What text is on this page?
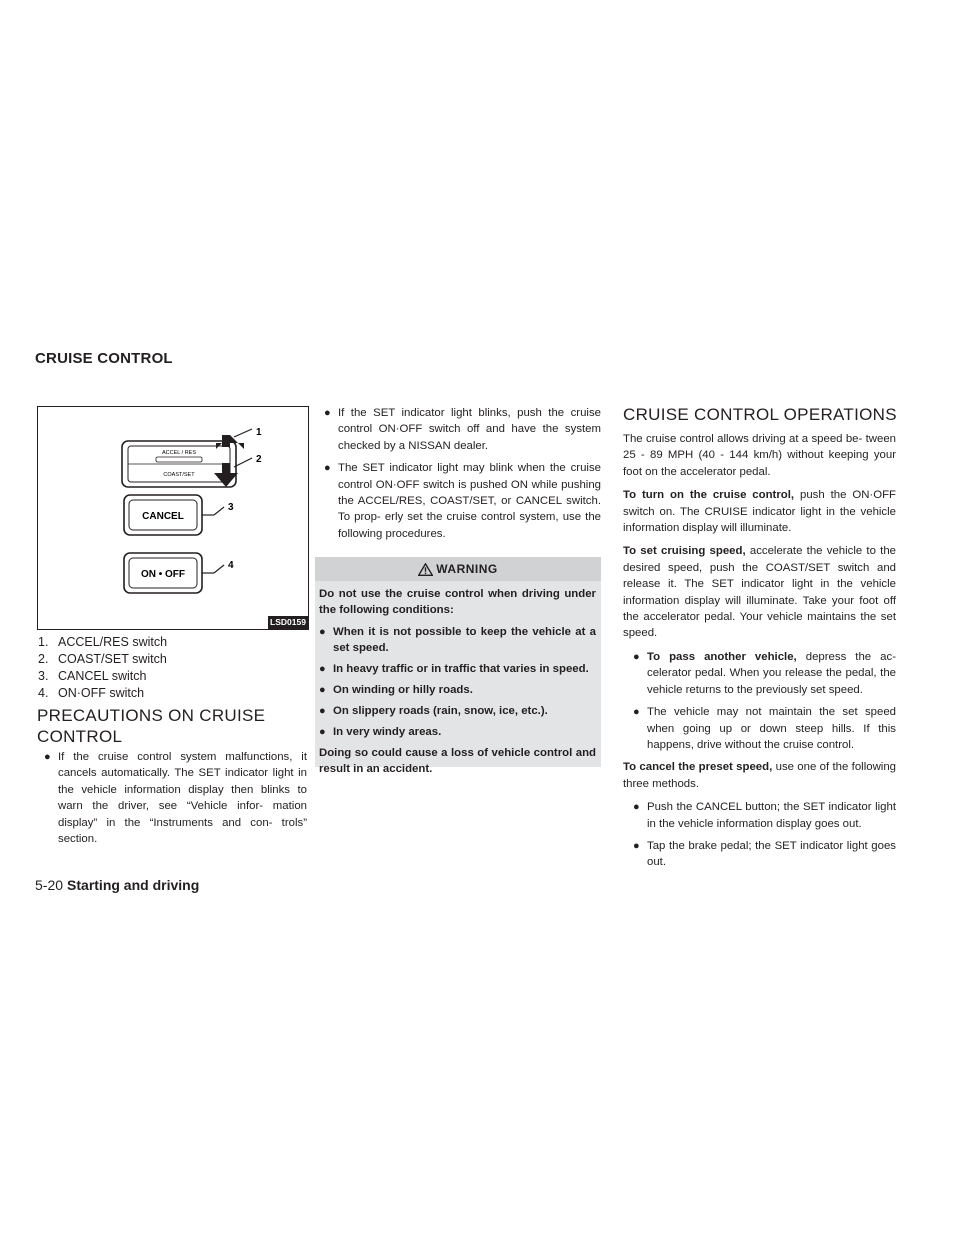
CRUISE CONTROL
ACCEL / RES
COAST/SET
1
2
CANCEL
3
ON • OFF
4
LSD0159
1. ACCEL/RES switch
2. COAST/SET switch
3. CANCEL switch
4. ON·OFF switch
PRECAUTIONS ON CRUISE
CONTROL
● If the cruise control system malfunctions, it cancels automatically. The SET indicator light in the vehicle information display then blinks to warn the driver, see “Vehicle infor- mation display” in the “Instruments and con- trols” section.
● If the SET indicator light blinks, push the cruise control ON·OFF switch off and have the system checked by a NISSAN dealer.
● The SET indicator light may blink when the cruise control ON·OFF switch is pushed ON while pushing the ACCEL/RES, COAST/SET, or CANCEL switch. To prop- erly set the cruise control system, use the following procedures.
WARNING

Do not use the cruise control when driving under the following conditions:

● When it is not possible to keep the vehicle at a set speed.
● In heavy traffic or in traffic that varies in speed.
● On winding or hilly roads.
● On slippery roads (rain, snow, ice, etc.).
● In very windy areas.

Doing so could cause a loss of vehicle control and result in an accident.

CRUISE CONTROL OPERATIONS

The cruise control allows driving at a speed be- tween 25 - 89 MPH (40 - 144 km/h) without keeping your foot on the accelerator pedal.

To turn on the cruise control, push the ON·OFF switch on. The CRUISE indicator light in the vehicle information display will illuminate.

To set cruising speed, accelerate the vehicle to the desired speed, push the COAST/SET switch and release it. The SET indicator light in the vehicle information display will illuminate. Take your foot off the accelerator pedal. Your vehicle maintains the set speed.

● To pass another vehicle, depress the ac- celerator pedal. When you release the pedal, the vehicle returns to the previously set speed.
● The vehicle may not maintain the set speed when going up or down steep hills. If this happens, drive without the cruise control.

To cancel the preset speed, use one of the following three methods.

● Push the CANCEL button; the SET indicator light in the vehicle information display goes out.
● Tap the brake pedal; the SET indicator light goes out.
5-20 Starting and driving
